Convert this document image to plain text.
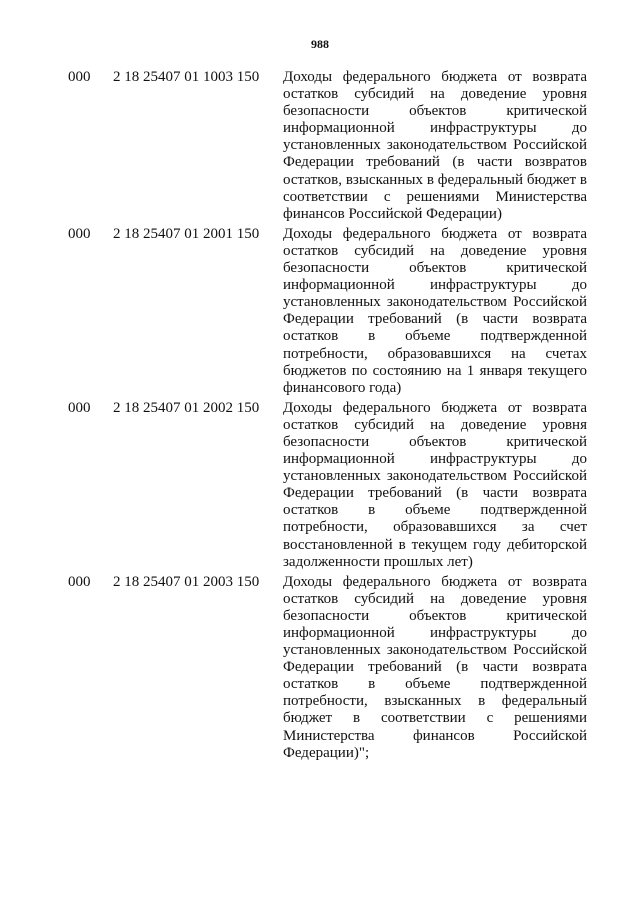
988
000 2 18 25407 01 1003 150 Доходы федерального бюджета от возврата
остатков субсидий на доведение уровня
безопасности объектов критической
информационной инфраструктуры до
установленных законодательством Российской
Федерации требований (в части возвратов
остатков, взысканных в федеральный бюджет в
соответствии с решениями Министерства
финансов Российской Федерации)
000 2 18 25407 01 2001 150 Доходы федерального бюджета от возврата
остатков субсидий на доведение уровня
безопасности объектов критической
информационной инфраструктуры до
установленных законодательством Российской
Федерации требований (в части возврата
остатков в объеме подтвержденной
потребности, образовавшихся на счетах
бюджетов по состоянию на 1 января текущего
финансового года)
000 2 18 25407 01 2002 150 Доходы федерального бюджета от возврата
остатков субсидий на доведение уровня
безопасности объектов критической
информационной инфраструктуры до
установленных законодательством Российской
Федерации требований (в части возврата
остатков в объеме подтвержденной
потребности, образовавшихся за счет
восстановленной в текущем году дебиторской
задолженности прошлых лет)
000 2 18 25407 01 2003 150 Доходы федерального бюджета от возврата
остатков субсидий на доведение уровня
безопасности объектов критической
информационной инфраструктуры до
установленных законодательством Российской
Федерации требований (в части возврата
остатков в объеме подтвержденной
потребности, взысканных в федеральный
бюджет в соответствии с решениями
Министерства финансов Российской
Федерации)";
